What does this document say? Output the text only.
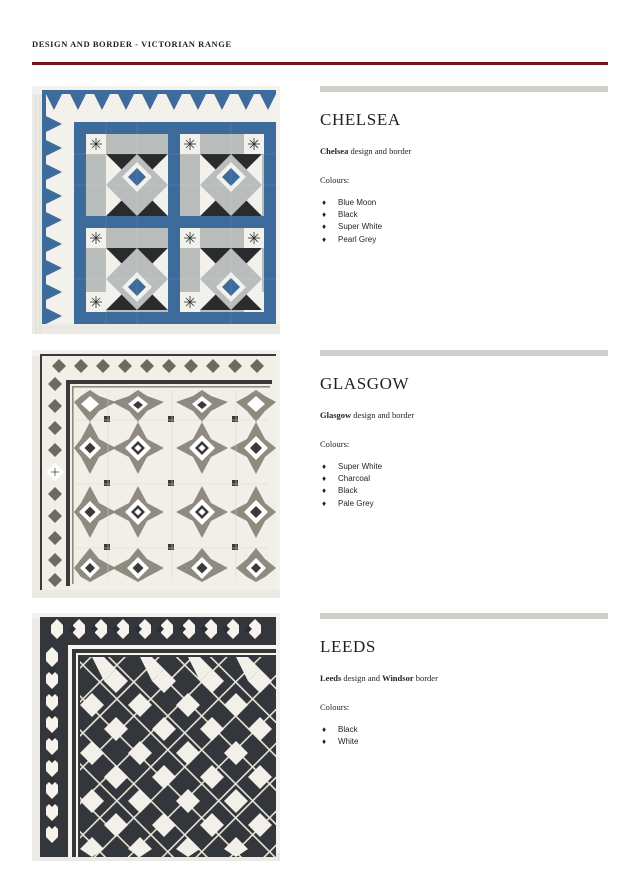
DESIGN AND BORDER - VICTORIAN RANGE
CHELSEA

Chelsea design and border

Colours:

♦ Blue Moon
♦ Black
♦ Super White
♦ Pearl Grey
GLASGOW

Glasgow design and border

Colours:

♦ Super White
♦ Charcoal
♦ Black
♦ Pale Grey
LEEDS

Leeds design and Windsor border

Colours:

♦ Black
♦ White
